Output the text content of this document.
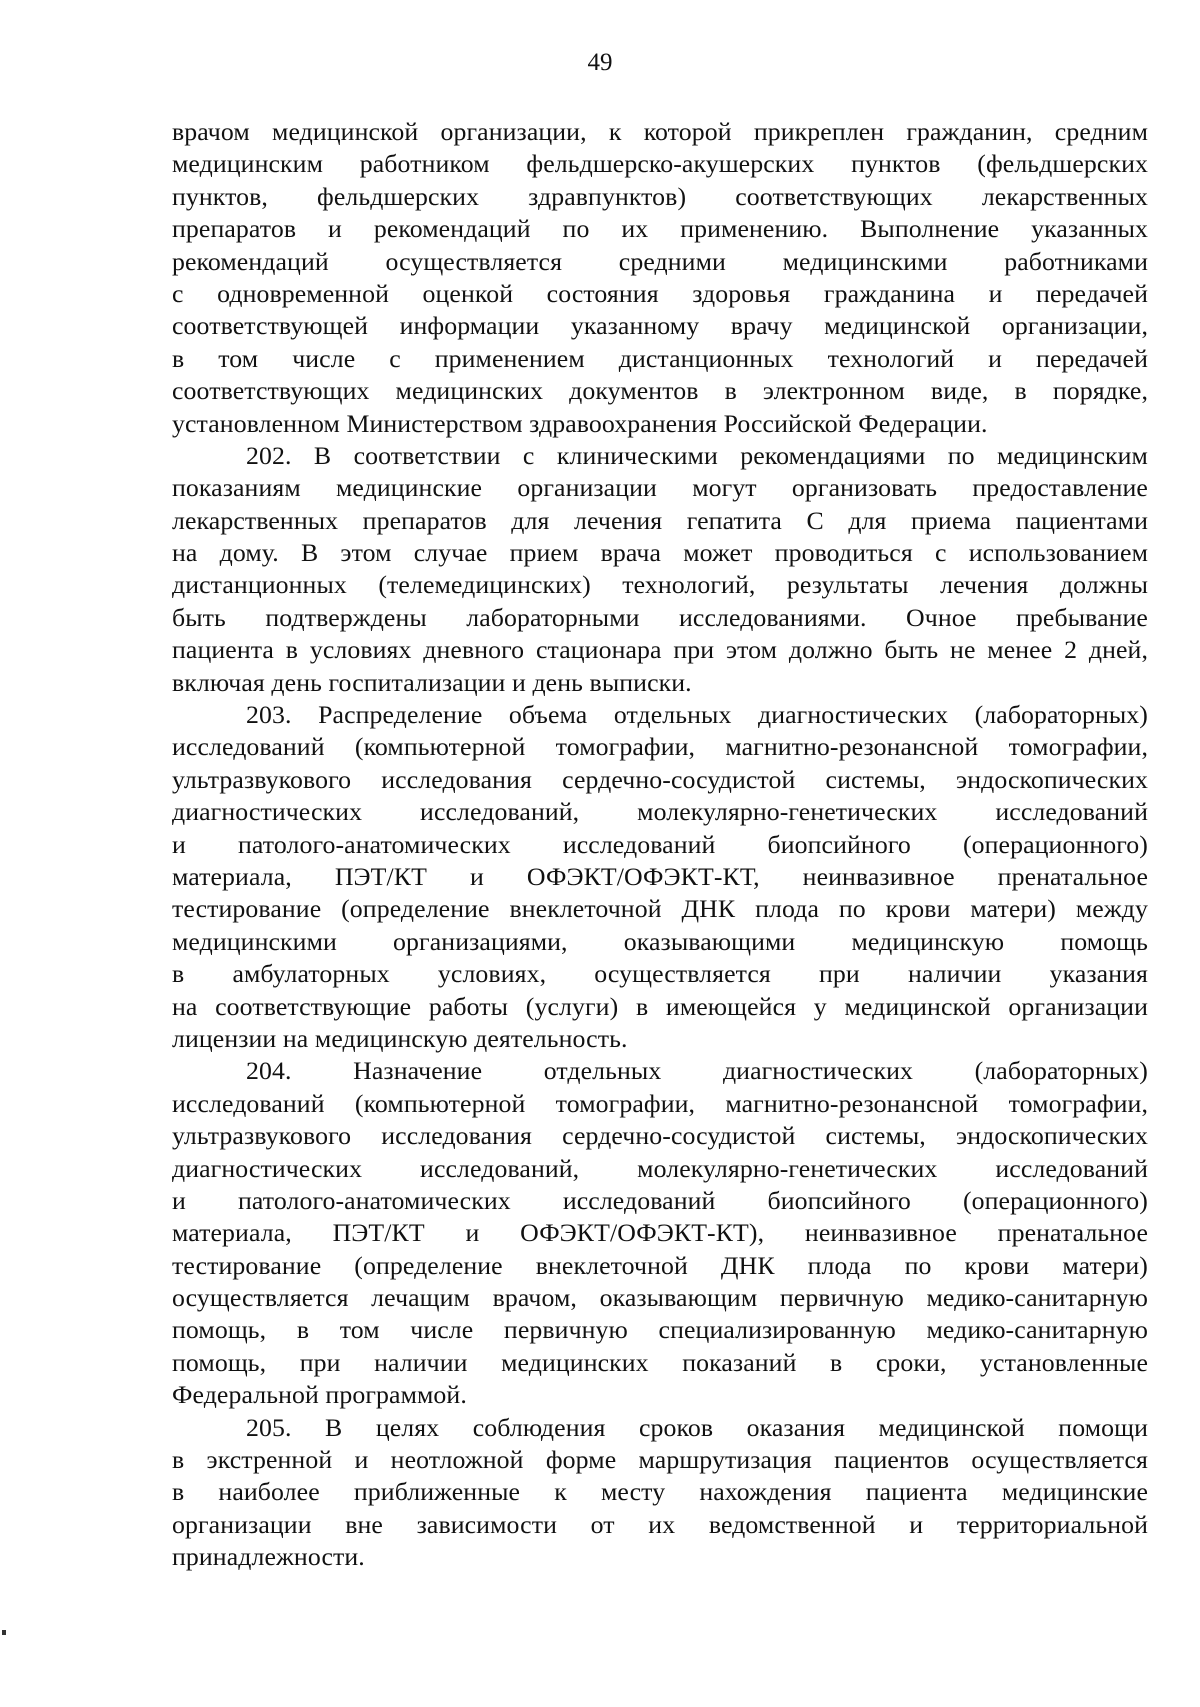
49
врачом медицинской организации, к которой прикреплен гражданин, средним
медицинским работником фельдшерско-акушерских пунктов (фельдшерских
пунктов, фельдшерских здравпунктов) соответствующих лекарственных
препаратов и рекомендаций по их применению. Выполнение указанных
рекомендаций осуществляется средними медицинскими работниками
с одновременной оценкой состояния здоровья гражданина и передачей
соответствующей информации указанному врачу медицинской организации,
в том числе с применением дистанционных технологий и передачей
соответствующих медицинских документов в электронном виде, в порядке,
установленном Министерством здравоохранения Российской Федерации.
202. В соответствии с клиническими рекомендациями по медицинским
показаниям медицинские организации могут организовать предоставление
лекарственных препаратов для лечения гепатита С для приема пациентами
на дому. В этом случае прием врача может проводиться с использованием
дистанционных (телемедицинских) технологий, результаты лечения должны
быть подтверждены лабораторными исследованиями. Очное пребывание
пациента в условиях дневного стационара при этом должно быть не менее 2 дней,
включая день госпитализации и день выписки.
203. Распределение объема отдельных диагностических (лабораторных)
исследований (компьютерной томографии, магнитно-резонансной томографии,
ультразвукового исследования сердечно-сосудистой системы, эндоскопических
диагностических исследований, молекулярно-генетических исследований
и патолого-анатомических исследований биопсийного (операционного)
материала, ПЭТ/КТ и ОФЭКТ/ОФЭКТ-КТ, неинвазивное пренатальное
тестирование (определение внеклеточной ДНК плода по крови матери) между
медицинскими организациями, оказывающими медицинскую помощь
в амбулаторных условиях, осуществляется при наличии указания
на соответствующие работы (услуги) в имеющейся у медицинской организации
лицензии на медицинскую деятельность.
204. Назначение отдельных диагностических (лабораторных)
исследований (компьютерной томографии, магнитно-резонансной томографии,
ультразвукового исследования сердечно-сосудистой системы, эндоскопических
диагностических исследований, молекулярно-генетических исследований
и патолого-анатомических исследований биопсийного (операционного)
материала, ПЭТ/КТ и ОФЭКТ/ОФЭКТ-КТ), неинвазивное пренатальное
тестирование (определение внеклеточной ДНК плода по крови матери)
осуществляется лечащим врачом, оказывающим первичную медико-санитарную
помощь, в том числе первичную специализированную медико-санитарную
помощь, при наличии медицинских показаний в сроки, установленные
Федеральной программой.
205. В целях соблюдения сроков оказания медицинской помощи
в экстренной и неотложной форме маршрутизация пациентов осуществляется
в наиболее приближенные к месту нахождения пациента медицинские
организации вне зависимости от их ведомственной и территориальной
принадлежности.
